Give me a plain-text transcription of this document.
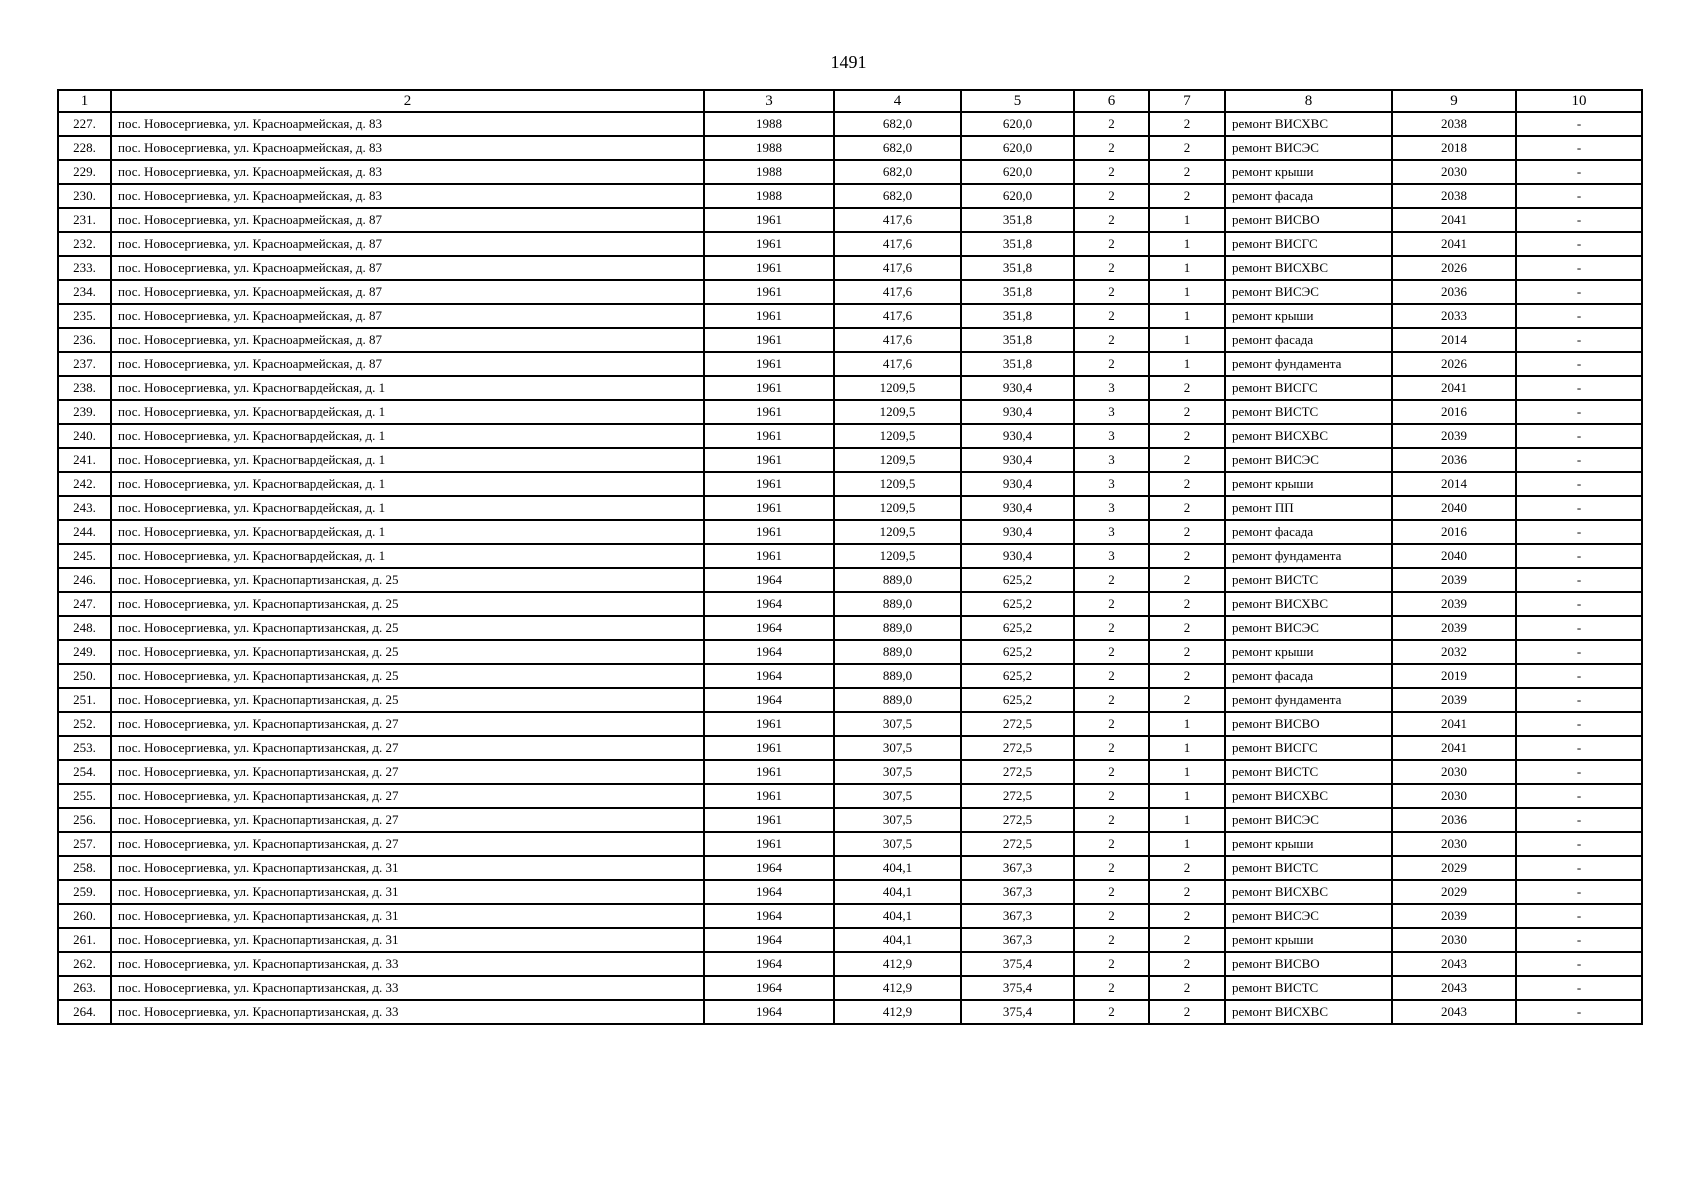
1491
1	2	3	4	5	6	7	8	9	10
227.	пос. Новосергиевка, ул. Красноармейская, д. 83	1988	682,0	620,0	2	2	ремонт ВИСХВС	2038	-
228.	пос. Новосергиевка, ул. Красноармейская, д. 83	1988	682,0	620,0	2	2	ремонт ВИСЭС	2018	-
229.	пос. Новосергиевка, ул. Красноармейская, д. 83	1988	682,0	620,0	2	2	ремонт крыши	2030	-
230.	пос. Новосергиевка, ул. Красноармейская, д. 83	1988	682,0	620,0	2	2	ремонт фасада	2038	-
231.	пос. Новосергиевка, ул. Красноармейская, д. 87	1961	417,6	351,8	2	1	ремонт ВИСВО	2041	-
232.	пос. Новосергиевка, ул. Красноармейская, д. 87	1961	417,6	351,8	2	1	ремонт ВИСГС	2041	-
233.	пос. Новосергиевка, ул. Красноармейская, д. 87	1961	417,6	351,8	2	1	ремонт ВИСХВС	2026	-
234.	пос. Новосергиевка, ул. Красноармейская, д. 87	1961	417,6	351,8	2	1	ремонт ВИСЭС	2036	-
235.	пос. Новосергиевка, ул. Красноармейская, д. 87	1961	417,6	351,8	2	1	ремонт крыши	2033	-
236.	пос. Новосергиевка, ул. Красноармейская, д. 87	1961	417,6	351,8	2	1	ремонт фасада	2014	-
237.	пос. Новосергиевка, ул. Красноармейская, д. 87	1961	417,6	351,8	2	1	ремонт фундамента	2026	-
238.	пос. Новосергиевка, ул. Красногвардейская, д. 1	1961	1209,5	930,4	3	2	ремонт ВИСГС	2041	-
239.	пос. Новосергиевка, ул. Красногвардейская, д. 1	1961	1209,5	930,4	3	2	ремонт ВИСТС	2016	-
240.	пос. Новосергиевка, ул. Красногвардейская, д. 1	1961	1209,5	930,4	3	2	ремонт ВИСХВС	2039	-
241.	пос. Новосергиевка, ул. Красногвардейская, д. 1	1961	1209,5	930,4	3	2	ремонт ВИСЭС	2036	-
242.	пос. Новосергиевка, ул. Красногвардейская, д. 1	1961	1209,5	930,4	3	2	ремонт крыши	2014	-
243.	пос. Новосергиевка, ул. Красногвардейская, д. 1	1961	1209,5	930,4	3	2	ремонт ПП	2040	-
244.	пос. Новосергиевка, ул. Красногвардейская, д. 1	1961	1209,5	930,4	3	2	ремонт фасада	2016	-
245.	пос. Новосергиевка, ул. Красногвардейская, д. 1	1961	1209,5	930,4	3	2	ремонт фундамента	2040	-
246.	пос. Новосергиевка, ул. Краснопартизанская, д. 25	1964	889,0	625,2	2	2	ремонт ВИСТС	2039	-
247.	пос. Новосергиевка, ул. Краснопартизанская, д. 25	1964	889,0	625,2	2	2	ремонт ВИСХВС	2039	-
248.	пос. Новосергиевка, ул. Краснопартизанская, д. 25	1964	889,0	625,2	2	2	ремонт ВИСЭС	2039	-
249.	пос. Новосергиевка, ул. Краснопартизанская, д. 25	1964	889,0	625,2	2	2	ремонт крыши	2032	-
250.	пос. Новосергиевка, ул. Краснопартизанская, д. 25	1964	889,0	625,2	2	2	ремонт фасада	2019	-
251.	пос. Новосергиевка, ул. Краснопартизанская, д. 25	1964	889,0	625,2	2	2	ремонт фундамента	2039	-
252.	пос. Новосергиевка, ул. Краснопартизанская, д. 27	1961	307,5	272,5	2	1	ремонт ВИСВО	2041	-
253.	пос. Новосергиевка, ул. Краснопартизанская, д. 27	1961	307,5	272,5	2	1	ремонт ВИСГС	2041	-
254.	пос. Новосергиевка, ул. Краснопартизанская, д. 27	1961	307,5	272,5	2	1	ремонт ВИСТС	2030	-
255.	пос. Новосергиевка, ул. Краснопартизанская, д. 27	1961	307,5	272,5	2	1	ремонт ВИСХВС	2030	-
256.	пос. Новосергиевка, ул. Краснопартизанская, д. 27	1961	307,5	272,5	2	1	ремонт ВИСЭС	2036	-
257.	пос. Новосергиевка, ул. Краснопартизанская, д. 27	1961	307,5	272,5	2	1	ремонт крыши	2030	-
258.	пос. Новосергиевка, ул. Краснопартизанская, д. 31	1964	404,1	367,3	2	2	ремонт ВИСТС	2029	-
259.	пос. Новосергиевка, ул. Краснопартизанская, д. 31	1964	404,1	367,3	2	2	ремонт ВИСХВС	2029	-
260.	пос. Новосергиевка, ул. Краснопартизанская, д. 31	1964	404,1	367,3	2	2	ремонт ВИСЭС	2039	-
261.	пос. Новосергиевка, ул. Краснопартизанская, д. 31	1964	404,1	367,3	2	2	ремонт крыши	2030	-
262.	пос. Новосергиевка, ул. Краснопартизанская, д. 33	1964	412,9	375,4	2	2	ремонт ВИСВО	2043	-
263.	пос. Новосергиевка, ул. Краснопартизанская, д. 33	1964	412,9	375,4	2	2	ремонт ВИСТС	2043	-
264.	пос. Новосергиевка, ул. Краснопартизанская, д. 33	1964	412,9	375,4	2	2	ремонт ВИСХВС	2043	-
